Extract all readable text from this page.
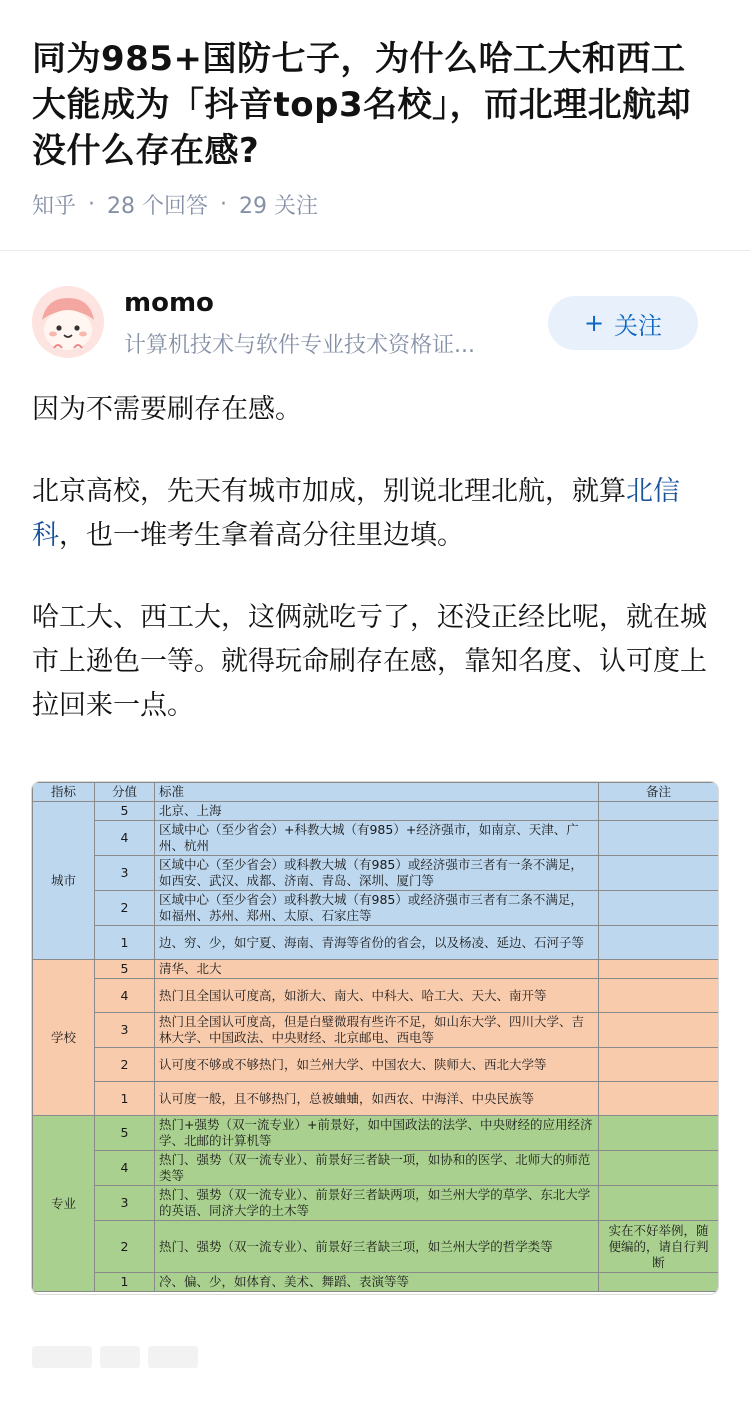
同为985+国防七子，为什么哈工大和西工大能成为「抖音top3名校」，而北理北航却没什么存在感?
知乎 · 28 个回答 · 29 关注
momo
计算机技术与软件专业技术资格证...
+ 关注

因为不需要刷存在感。

北京高校，先天有城市加成，别说北理北航，就算北信科，也一堆考生拿着高分往里边填。

哈工大、西工大，这俩就吃亏了，还没正经比呢，就在城市上逊色一等。就得玩命刷存在感，靠知名度、认可度上拉回来一点。

指标	分值	标准	备注
城市	5	北京、上海	
	4	区域中心（至少省会）+科教大城（有985）+经济强市，如南京、天津、广州、杭州	
	3	区域中心（至少省会）或科教大城（有985）或经济强市三者有一条不满足，如西安、武汉、成都、济南、青岛、深圳、厦门等	
	2	区域中心（至少省会）或科教大城（有985）或经济强市三者有二条不满足，如福州、苏州、郑州、太原、石家庄等	
	1	边、穷、少，如宁夏、海南、青海等省份的省会，以及杨凌、延边、石河子等	
学校	5	清华、北大	
	4	热门且全国认可度高，如浙大、南大、中科大、哈工大、天大、南开等	
	3	热门且全国认可度高，但是白璧微瑕有些许不足，如山东大学、四川大学、吉林大学、中国政法、中央财经、北京邮电、西电等	
	2	认可度不够或不够热门，如兰州大学、中国农大、陕师大、西北大学等	
	1	认可度一般，且不够热门，总被蛐蛐，如西农、中海洋、中央民族等	
专业	5	热门+强势（双一流专业）+前景好，如中国政法的法学、中央财经的应用经济学、北邮的计算机等	
	4	热门、强势（双一流专业）、前景好三者缺一项，如协和的医学、北师大的师范类等	
	3	热门、强势（双一流专业）、前景好三者缺两项，如兰州大学的草学、东北大学的英语、同济大学的土木等	
	2	热门、强势（双一流专业）、前景好三者缺三项，如兰州大学的哲学类等	实在不好举例，随便编的，请自行判断
	1	冷、偏、少，如体育、美术、舞蹈、表演等等	
